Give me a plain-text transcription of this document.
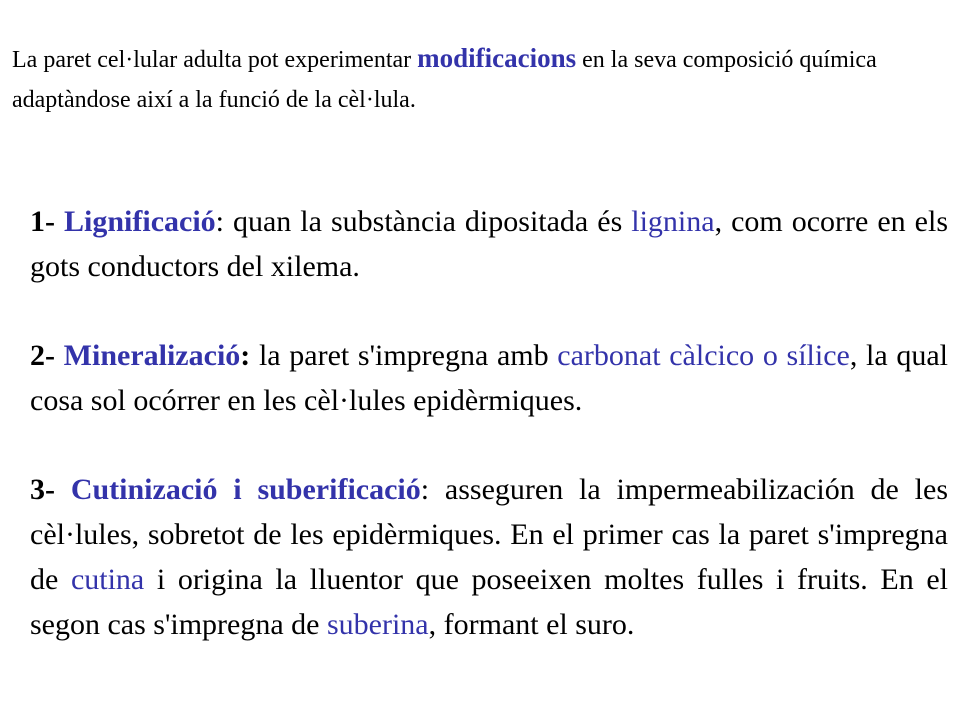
La paret cel·lular adulta pot experimentar modificacions en la seva composició química adaptàndose així a la funció de la cèl·lula.

1- Lignificació: quan la substància dipositada és lignina, com ocorre en els gots conductors del xilema.

2- Mineralizació: la paret s'impregna amb carbonat càlcico o sílice, la qual cosa sol ocórrer en les cèl·lules epidèrmiques.

3- Cutinizació i suberificació: asseguren la impermeabilización de les cèl·lules, sobretot de les epidèrmiques. En el primer cas la paret s'impregna de cutina i origina la lluentor que poseeixen moltes fulles i fruits. En el segon cas s'impregna de suberina, formant el suro.
